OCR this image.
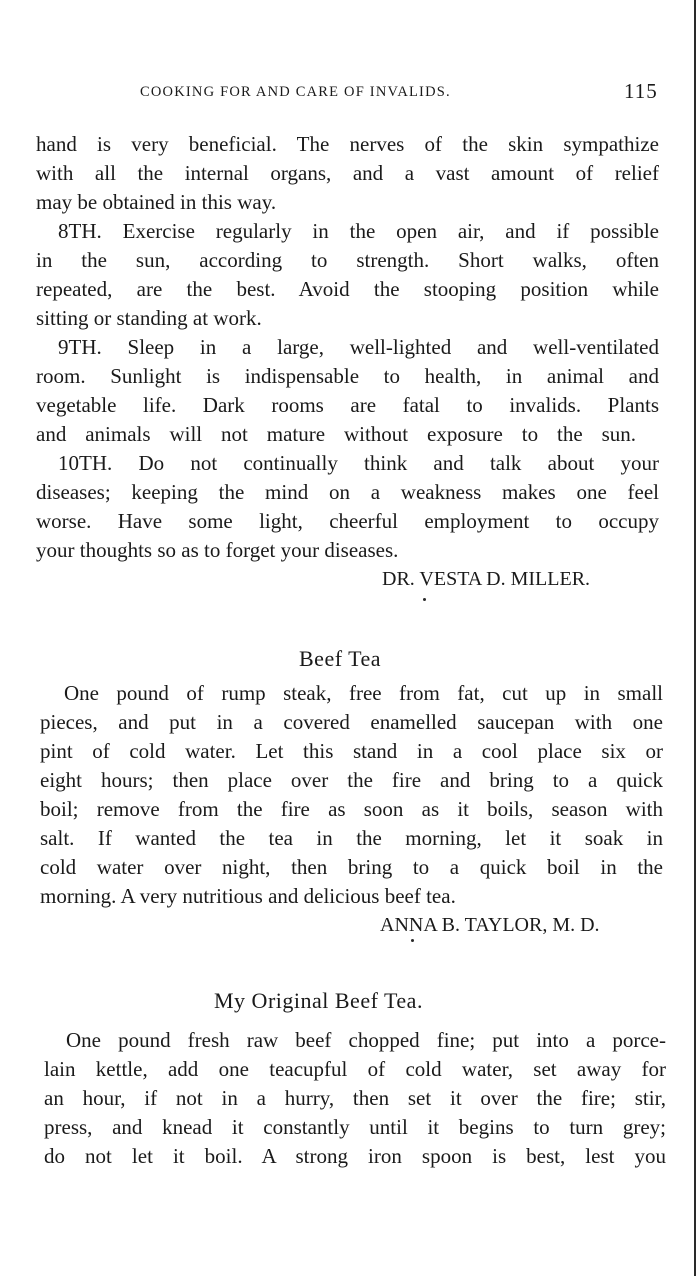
COOKING FOR AND CARE OF INVALIDS.	115
hand is very beneficial. The nerves of the skin sympathize
with all the internal organs, and a vast amount of relief
may be obtained in this way.
8TH. Exercise regularly in the open air, and if possible
in the sun, according to strength. Short walks, often
repeated, are the best. Avoid the stooping position while
sitting or standing at work.
9TH. Sleep in a large, well-lighted and well-ventilated
room. Sunlight is indispensable to health, in animal and
vegetable life. Dark rooms are fatal to invalids. Plants
and animals will not mature without exposure to the sun.
10TH. Do not continually think and talk about your
diseases; keeping the mind on a weakness makes one feel
worse. Have some light, cheerful employment to occupy
your thoughts so as to forget your diseases.
DR. VESTA D. MILLER.
Beef Tea
One pound of rump steak, free from fat, cut up in small
pieces, and put in a covered enamelled saucepan with one
pint of cold water. Let this stand in a cool place six or
eight hours; then place over the fire and bring to a quick
boil; remove from the fire as soon as it boils, season with
salt. If wanted the tea in the morning, let it soak in
cold water over night, then bring to a quick boil in the
morning. A very nutritious and delicious beef tea.
ANNA B. TAYLOR, M. D.
My Original Beef Tea.
One pound fresh raw beef chopped fine; put into a porce-
lain kettle, add one teacupful of cold water, set away for
an hour, if not in a hurry, then set it over the fire; stir,
press, and knead it constantly until it begins to turn grey;
do not let it boil. A strong iron spoon is best, lest you
